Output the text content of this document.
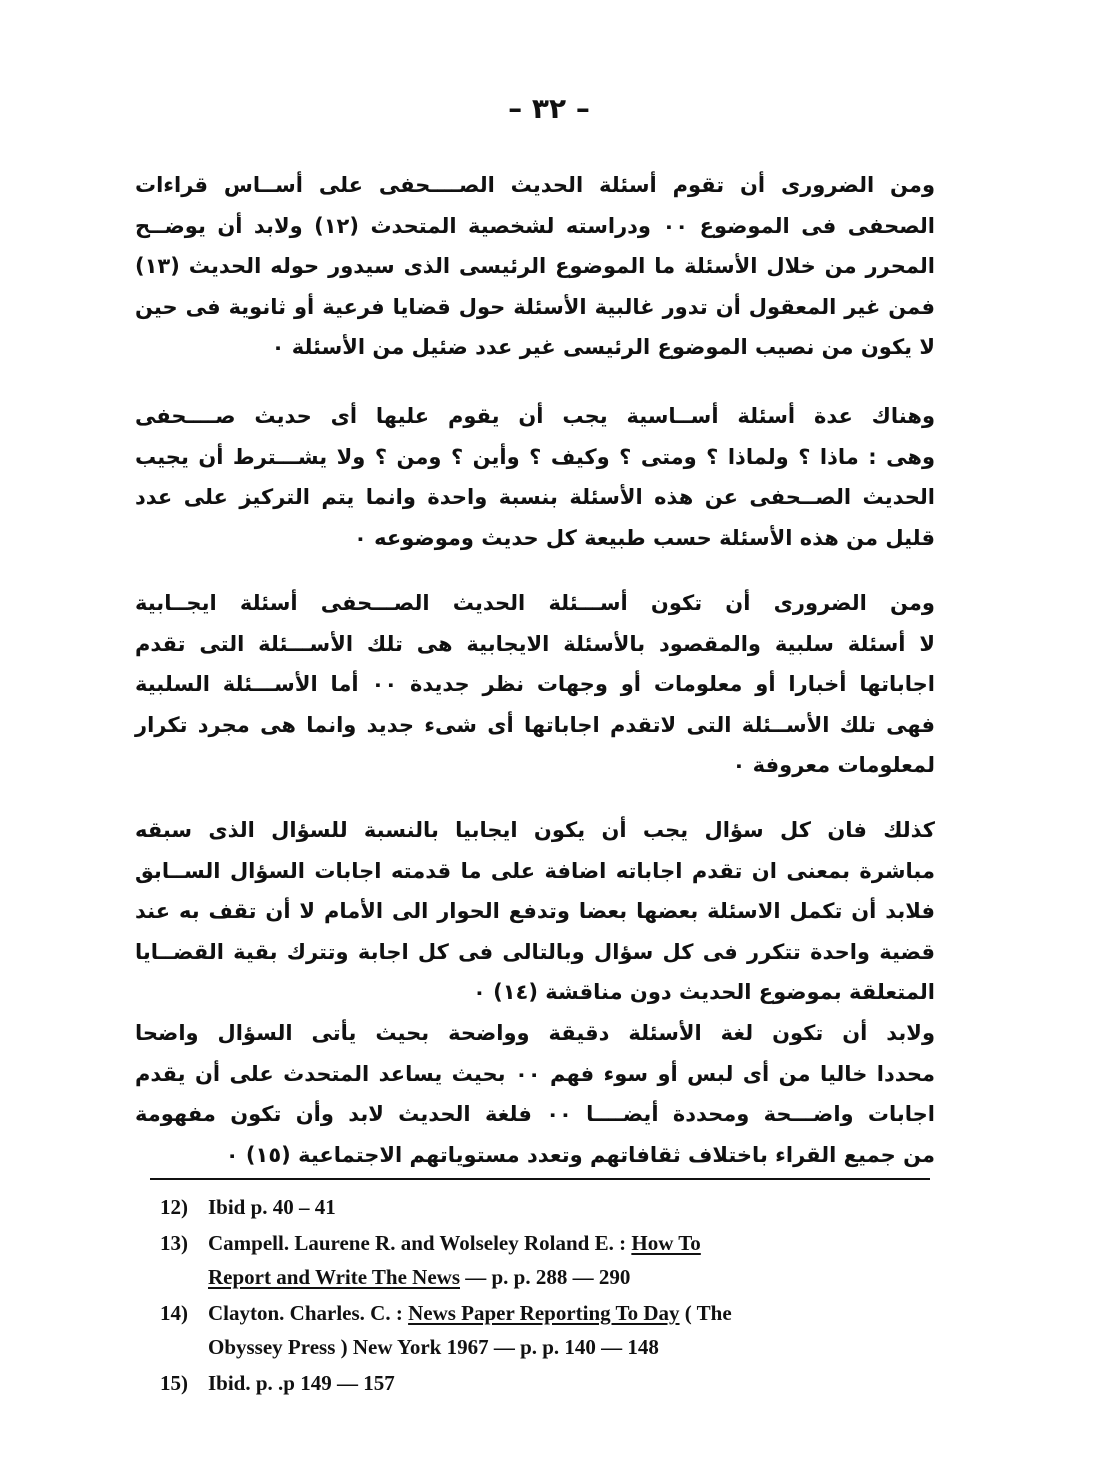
– ٣٢ –
ومن الضرورى أن تقوم أسئلة الحديث الصــــحفى على أســاس قراءات
الصحفى فى الموضوع ٠٠ ودراسته لشخصية المتحدث (١٢) ولابد أن يوضــح
المحرر من خلال الأسئلة ما الموضوع الرئيسى الذى سيدور حوله الحديث (١٣)
فمن غير المعقول أن تدور غالبية الأسئلة حول قضايا فرعية أو ثانوية فى حين
لا يكون من نصيب الموضوع الرئيسى غير عدد ضئيل من الأسئلة ٠
وهناك عدة أسئلة أســاسية يجب أن يقوم عليها أى حديث صــــحفى
وهى : ماذا ؟ ولماذا ؟ ومتى ؟ وكيف ؟ وأين ؟ ومن ؟ ولا يشـــترط أن يجيب
الحديث الصــحفى عن هذه الأسئلة بنسبة واحدة وانما يتم التركيز على عدد
قليل من هذه الأسئلة حسب طبيعة كل حديث وموضوعه ٠
ومن الضرورى أن تكون أســـئلة الحديث الصـــحفى أسئلة ايجــابية
لا أسئلة سلبية والمقصود بالأسئلة الايجابية هى تلك الأســـئلة التى تقدم
اجاباتها أخبارا أو معلومات أو وجهات نظر جديدة ٠٠ أما الأســـئلة السلبية
فهى تلك الأســئلة التى لاتقدم اجاباتها أى شىء جديد وانما هى مجرد تكرار
لمعلومات معروفة ٠
كذلك فان كل سؤال يجب أن يكون ايجابيا بالنسبة للسؤال الذى سبقه
مباشرة بمعنى ان تقدم اجاباته اضافة على ما قدمته اجابات السؤال الســابق
فلابد أن تكمل الاسئلة بعضها بعضا وتدفع الحوار الى الأمام لا أن تقف به عند
قضية واحدة تتكرر فى كل سؤال وبالتالى فى كل اجابة وتترك بقية القضــايا
المتعلقة بموضوع الحديث دون مناقشة (١٤) ٠
ولابد أن تكون لغة الأسئلة دقيقة وواضحة بحيث يأتى السؤال واضحا
محددا خاليا من أى لبس أو سوء فهم ٠٠ بحيث يساعد المتحدث على أن يقدم
اجابات واضـــحة ومحددة أيضــــا ٠٠ فلغة الحديث لابد وأن تكون مفهومة
من جميع القراء باختلاف ثقافاتهم وتعدد مستوياتهم الاجتماعية (١٥) ٠
12) Ibid p. 40 – 41
13) Campell. Laurene R. and Wolseley Roland E. : How To
Report and Write The News — p. p. 288 — 290
14) Clayton. Charles. C. : News Paper Reporting To Day ( The
Obyssey Press ) New York 1967 — p. p. 140 — 148
15) Ibid. p. .p 149 — 157
